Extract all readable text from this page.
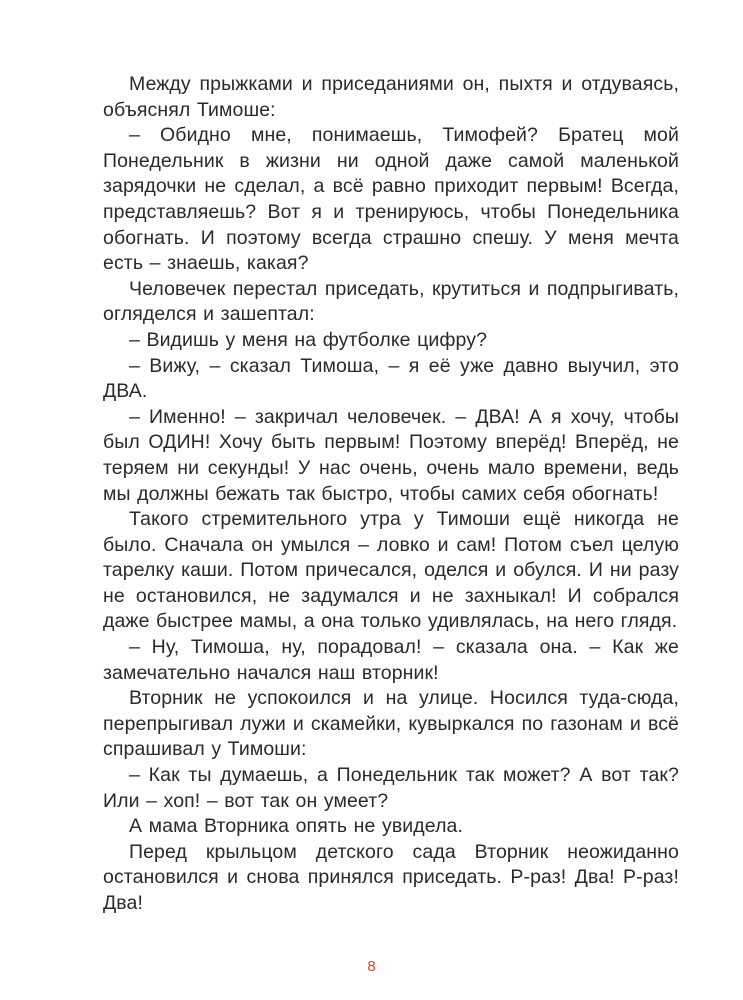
Между прыжками и приседаниями он, пыхтя и отдуваясь, объяснял Тимоше:

– Обидно мне, понимаешь, Тимофей? Братец мой Понедельник в жизни ни одной даже самой маленькой зарядочки не сделал, а всё равно приходит первым! Всегда, представляешь? Вот я и тренируюсь, чтобы Понедельника обогнать. И поэтому всегда страшно спешу. У меня мечта есть – знаешь, какая?

Человечек перестал приседать, крутиться и подпрыгивать, огляделся и зашептал:

– Видишь у меня на футболке цифру?

– Вижу, – сказал Тимоша, – я её уже давно выучил, это ДВА.

– Именно! – закричал человечек. – ДВА! А я хочу, чтобы был ОДИН! Хочу быть первым! Поэтому вперёд! Вперёд, не теряем ни секунды! У нас очень, очень мало времени, ведь мы должны бежать так быстро, чтобы самих себя обогнать!

Такого стремительного утра у Тимоши ещё никогда не было. Сначала он умылся – ловко и сам! Потом съел целую тарелку каши. Потом причесался, оделся и обулся. И ни разу не остановился, не задумался и не захныкал! И собрался даже быстрее мамы, а она только удивлялась, на него глядя.

– Ну, Тимоша, ну, порадовал! – сказала она. – Как же замечательно начался наш вторник!

Вторник не успокоился и на улице. Носился туда-сюда, перепрыгивал лужи и скамейки, кувыркался по газонам и всё спрашивал у Тимоши:

– Как ты думаешь, а Понедельник так может? А вот так? Или – хоп! – вот так он умеет?

А мама Вторника опять не увидела.

Перед крыльцом детского сада Вторник неожиданно остановился и снова принялся приседать. Р-раз! Два! Р-раз! Два!

8
